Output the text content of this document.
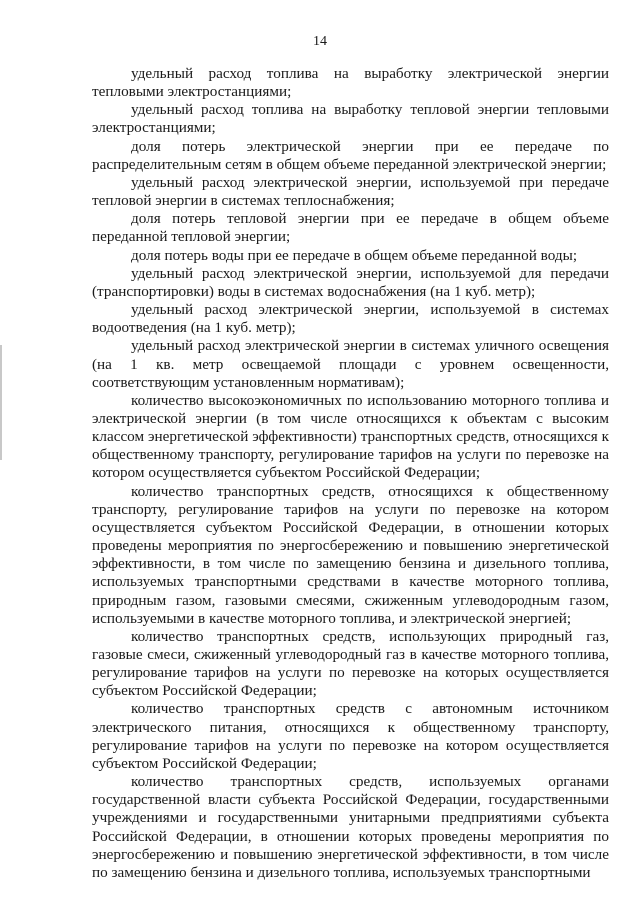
14

удельный расход топлива на выработку электрической энергии тепловыми электростанциями;

удельный расход топлива на выработку тепловой энергии тепловыми электростанциями;

доля потерь электрической энергии при ее передаче по распределительным сетям в общем объеме переданной электрической энергии;

удельный расход электрической энергии, используемой при передаче тепловой энергии в системах теплоснабжения;

доля потерь тепловой энергии при ее передаче в общем объеме переданной тепловой энергии;

доля потерь воды при ее передаче в общем объеме переданной воды;

удельный расход электрической энергии, используемой для передачи (транспортировки) воды в системах водоснабжения (на 1 куб. метр);

удельный расход электрической энергии, используемой в системах водоотведения (на 1 куб. метр);

удельный расход электрической энергии в системах уличного освещения (на 1 кв. метр освещаемой площади с уровнем освещенности, соответствующим установленным нормативам);

количество высокоэкономичных по использованию моторного топлива и электрической энергии (в том числе относящихся к объектам с высоким классом энергетической эффективности) транспортных средств, относящихся к общественному транспорту, регулирование тарифов на услуги по перевозке на котором осуществляется субъектом Российской Федерации;

количество транспортных средств, относящихся к общественному транспорту, регулирование тарифов на услуги по перевозке на котором осуществляется субъектом Российской Федерации, в отношении которых проведены мероприятия по энергосбережению и повышению энергетической эффективности, в том числе по замещению бензина и дизельного топлива, используемых транспортными средствами в качестве моторного топлива, природным газом, газовыми смесями, сжиженным углеводородным газом, используемыми в качестве моторного топлива, и электрической энергией;

количество транспортных средств, использующих природный газ, газовые смеси, сжиженный углеводородный газ в качестве моторного топлива, регулирование тарифов на услуги по перевозке на которых осуществляется субъектом Российской Федерации;

количество транспортных средств с автономным источником электрического питания, относящихся к общественному транспорту, регулирование тарифов на услуги по перевозке на котором осуществляется субъектом Российской Федерации;

количество транспортных средств, используемых органами государственной власти субъекта Российской Федерации, государственными учреждениями и государственными унитарными предприятиями субъекта Российской Федерации, в отношении которых проведены мероприятия по энергосбережению и повышению энергетической эффективности, в том числе по замещению бензина и дизельного топлива, используемых транспортными
